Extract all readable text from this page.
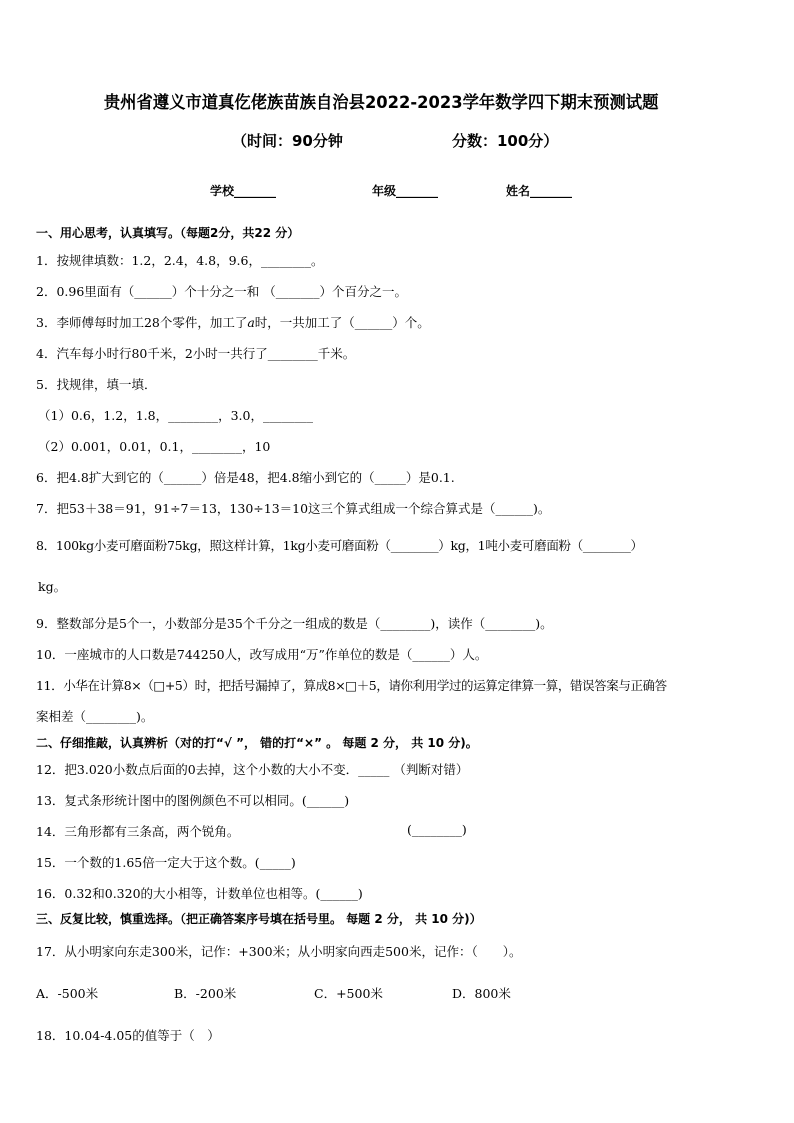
贵州省遵义市道真仡佬族苗族自治县2022-2023学年数学四下期末预测试题
（时间：90分钟	分数：100分）
学校_______	年级_______	姓名_______
一、用心思考，认真填写。（每题2分，共22 分）
1．按规律填数：1.2，2.4，4.8，9.6，________。
2．0.96里面有（______）个十分之一和 （_______）个百分之一。
3．李师傅每时加工28个零件，加工了𝑎时，一共加工了（______）个。
4．汽车每小时行80千米，2小时一共行了________千米。
5．找规律，填一填．
（1）0.6，1.2，1.8，________，3.0，________
（2）0.001，0.01，0.1，________，10
6．把4.8扩大到它的（______）倍是48，把4.8缩小到它的（_____）是0.1.
7．把53＋38＝91，91÷7＝13，130÷13＝10这三个算式组成一个综合算式是（______)。
8．100kg小麦可磨面粉75kg，照这样计算，1kg小麦可磨面粉（________）kg，1吨小麦可磨面粉（________）
kg。
9．整数部分是5个一，小数部分是35个千分之一组成的数是（________)，读作（________)。
10．一座城市的人口数是744250人，改写成用“万”作单位的数是（______）人。
11．小华在计算8×（□+5）时，把括号漏掉了，算成8×□＋5，请你利用学过的运算定律算一算，错误答案与正确答
案相差（________)。
二、仔细推敲，认真辨析（对的打“√ ”， 错的打“×” 。 每题 2 分， 共 10 分)。
12．把3.020小数点后面的0去掉，这个小数的大小不变．_____ （判断对错）
13．复式条形统计图中的图例颜色不可以相同。(______)
14．三角形都有三条高，两个锐角。	(________)
15．一个数的1.65倍一定大于这个数。(_____)
16．0.32和0.320的大小相等，计数单位也相等。(______)
三、反复比较，慎重选择。（把正确答案序号填在括号里。 每题 2 分， 共 10 分)）
17．从小明家向东走300米，记作：+300米；从小明家向西走500米，记作：（　　）。
A．-500米	B．-200米	C．+500米	D．800米
18．10.04-4.05的值等于（　）
